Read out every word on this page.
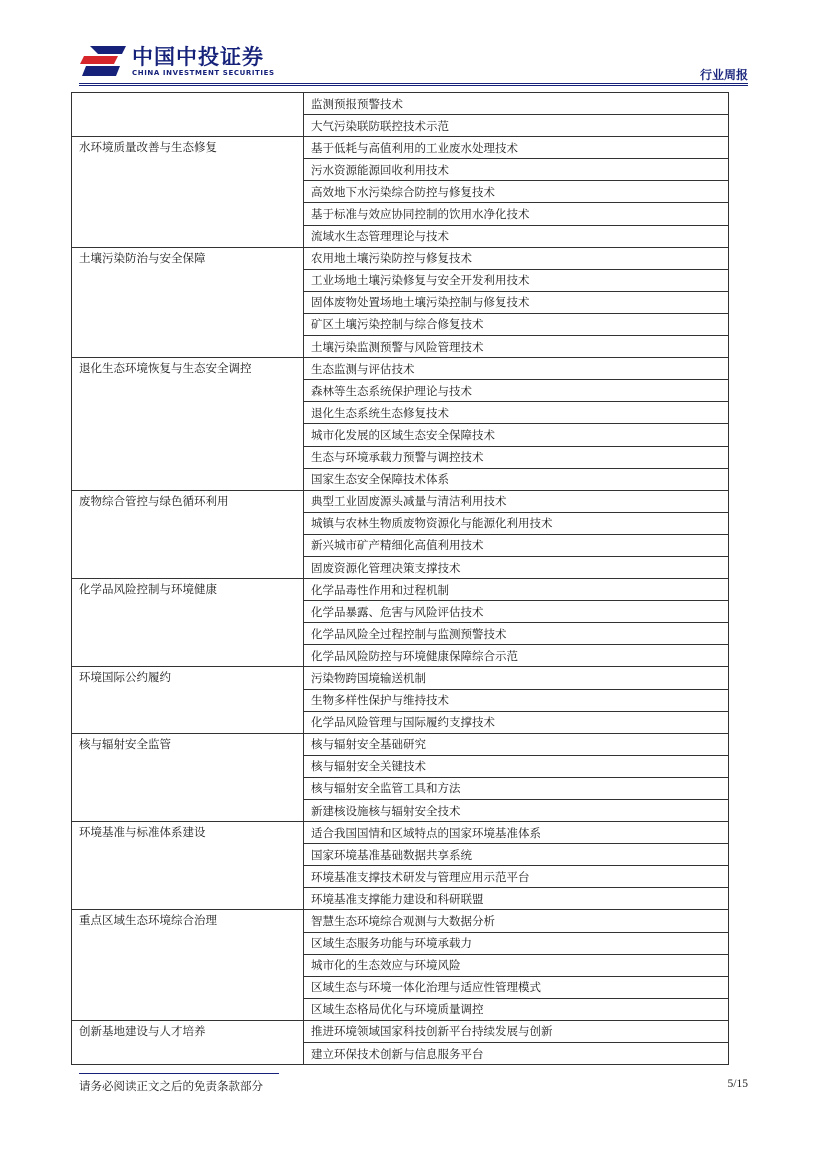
中国中投证券
CHINA INVESTMENT SECURITIES	行业周报
	监测预报预警技术
	大气污染联防联控技术示范
水环境质量改善与生态修复	基于低耗与高值利用的工业废水处理技术
	污水资源能源回收利用技术
	高效地下水污染综合防控与修复技术
	基于标准与效应协同控制的饮用水净化技术
	流域水生态管理理论与技术
土壤污染防治与安全保障	农用地土壤污染防控与修复技术
	工业场地土壤污染修复与安全开发利用技术
	固体废物处置场地土壤污染控制与修复技术
	矿区土壤污染控制与综合修复技术
	土壤污染监测预警与风险管理技术
退化生态环境恢复与生态安全调控	生态监测与评估技术
	森林等生态系统保护理论与技术
	退化生态系统生态修复技术
	城市化发展的区域生态安全保障技术
	生态与环境承载力预警与调控技术
	国家生态安全保障技术体系
废物综合管控与绿色循环利用	典型工业固废源头减量与清洁利用技术
	城镇与农林生物质废物资源化与能源化利用技术
	新兴城市矿产精细化高值利用技术
	固废资源化管理决策支撑技术
化学品风险控制与环境健康	化学品毒性作用和过程机制
	化学品暴露、危害与风险评估技术
	化学品风险全过程控制与监测预警技术
	化学品风险防控与环境健康保障综合示范
环境国际公约履约	污染物跨国境输送机制
	生物多样性保护与维持技术
	化学品风险管理与国际履约支撑技术
核与辐射安全监管	核与辐射安全基础研究
	核与辐射安全关键技术
	核与辐射安全监管工具和方法
	新建核设施核与辐射安全技术
环境基准与标准体系建设	适合我国国情和区域特点的国家环境基准体系
	国家环境基准基础数据共享系统
	环境基准支撑技术研发与管理应用示范平台
	环境基准支撑能力建设和科研联盟
重点区域生态环境综合治理	智慧生态环境综合观测与大数据分析
	区域生态服务功能与环境承载力
	城市化的生态效应与环境风险
	区域生态与环境一体化治理与适应性管理模式
	区域生态格局优化与环境质量调控
创新基地建设与人才培养	推进环境领域国家科技创新平台持续发展与创新
	建立环保技术创新与信息服务平台
请务必阅读正文之后的免责条款部分	5/15
